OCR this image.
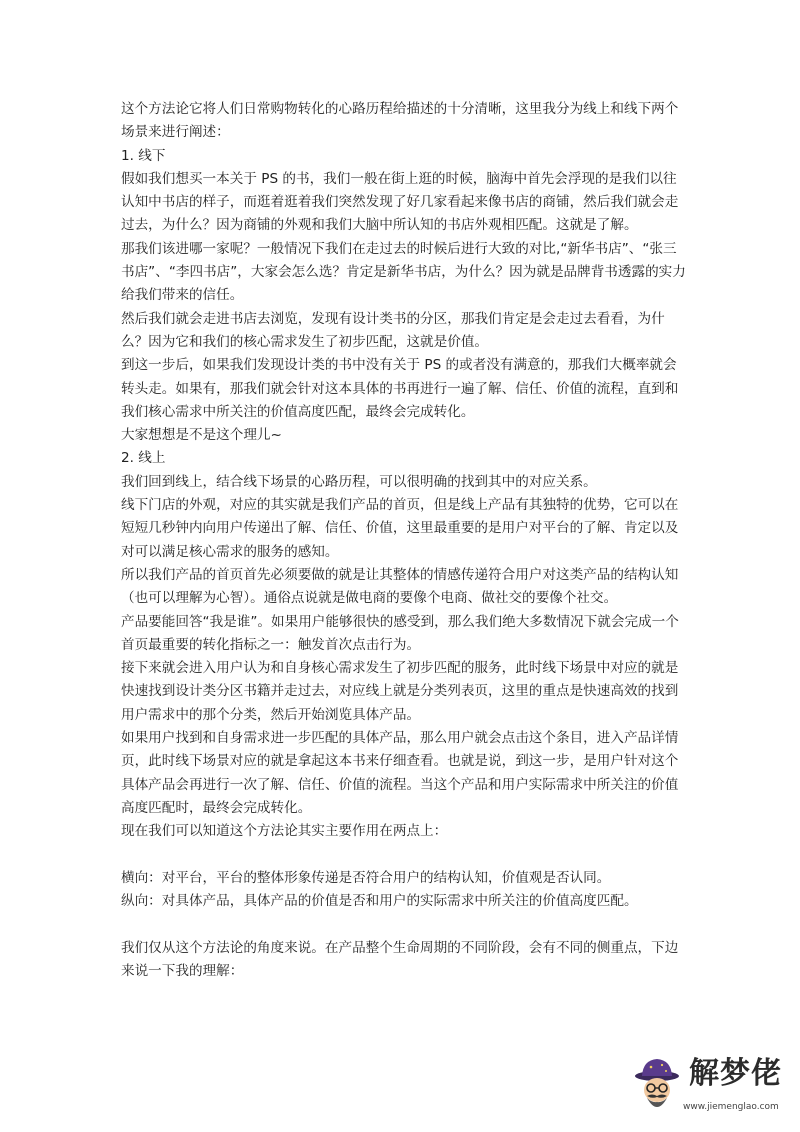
这个方法论它将人们日常购物转化的心路历程给描述的十分清晰，这里我分为线上和线下两个场景来进行阐述：

1. 线下

假如我们想买一本关于 PS 的书，我们一般在街上逛的时候，脑海中首先会浮现的是我们以往认知中书店的样子，而逛着逛着我们突然发现了好几家看起来像书店的商铺，然后我们就会走过去，为什么？因为商铺的外观和我们大脑中所认知的书店外观相匹配。这就是了解。

那我们该进哪一家呢？一般情况下我们在走过去的时候后进行大致的对比,“新华书店”、“张三书店”、“李四书店”，大家会怎么选？肯定是新华书店，为什么？因为就是品牌背书透露的实力给我们带来的信任。

然后我们就会走进书店去浏览，发现有设计类书的分区，那我们肯定是会走过去看看，为什么？因为它和我们的核心需求发生了初步匹配，这就是价值。

到这一步后，如果我们发现设计类的书中没有关于 PS 的或者没有满意的，那我们大概率就会转头走。如果有，那我们就会针对这本具体的书再进行一遍了解、信任、价值的流程，直到和我们核心需求中所关注的价值高度匹配，最终会完成转化。

大家想想是不是这个理儿~

2. 线上

我们回到线上，结合线下场景的心路历程，可以很明确的找到其中的对应关系。

线下门店的外观，对应的其实就是我们产品的首页，但是线上产品有其独特的优势，它可以在短短几秒钟内向用户传递出了解、信任、价值，这里最重要的是用户对平台的了解、肯定以及对可以满足核心需求的服务的感知。

所以我们产品的首页首先必须要做的就是让其整体的情感传递符合用户对这类产品的结构认知（也可以理解为心智）。通俗点说就是做电商的要像个电商、做社交的要像个社交。

产品要能回答“我是谁”。如果用户能够很快的感受到，那么我们绝大多数情况下就会完成一个首页最重要的转化指标之一：触发首次点击行为。

接下来就会进入用户认为和自身核心需求发生了初步匹配的服务，此时线下场景中对应的就是快速找到设计类分区书籍并走过去，对应线上就是分类列表页，这里的重点是快速高效的找到用户需求中的那个分类，然后开始浏览具体产品。

如果用户找到和自身需求进一步匹配的具体产品，那么用户就会点击这个条目，进入产品详情页，此时线下场景对应的就是拿起这本书来仔细查看。也就是说，到这一步，是用户针对这个具体产品会再进行一次了解、信任、价值的流程。当这个产品和用户实际需求中所关注的价值高度匹配时，最终会完成转化。

现在我们可以知道这个方法论其实主要作用在两点上：

横向：对平台，平台的整体形象传递是否符合用户的结构认知，价值观是否认同。

纵向：对具体产品，具体产品的价值是否和用户的实际需求中所关注的价值高度匹配。

我们仅从这个方法论的角度来说。在产品整个生命周期的不同阶段，会有不同的侧重点，下边来说一下我的理解：

解梦佬
www.jiemenglao.com
